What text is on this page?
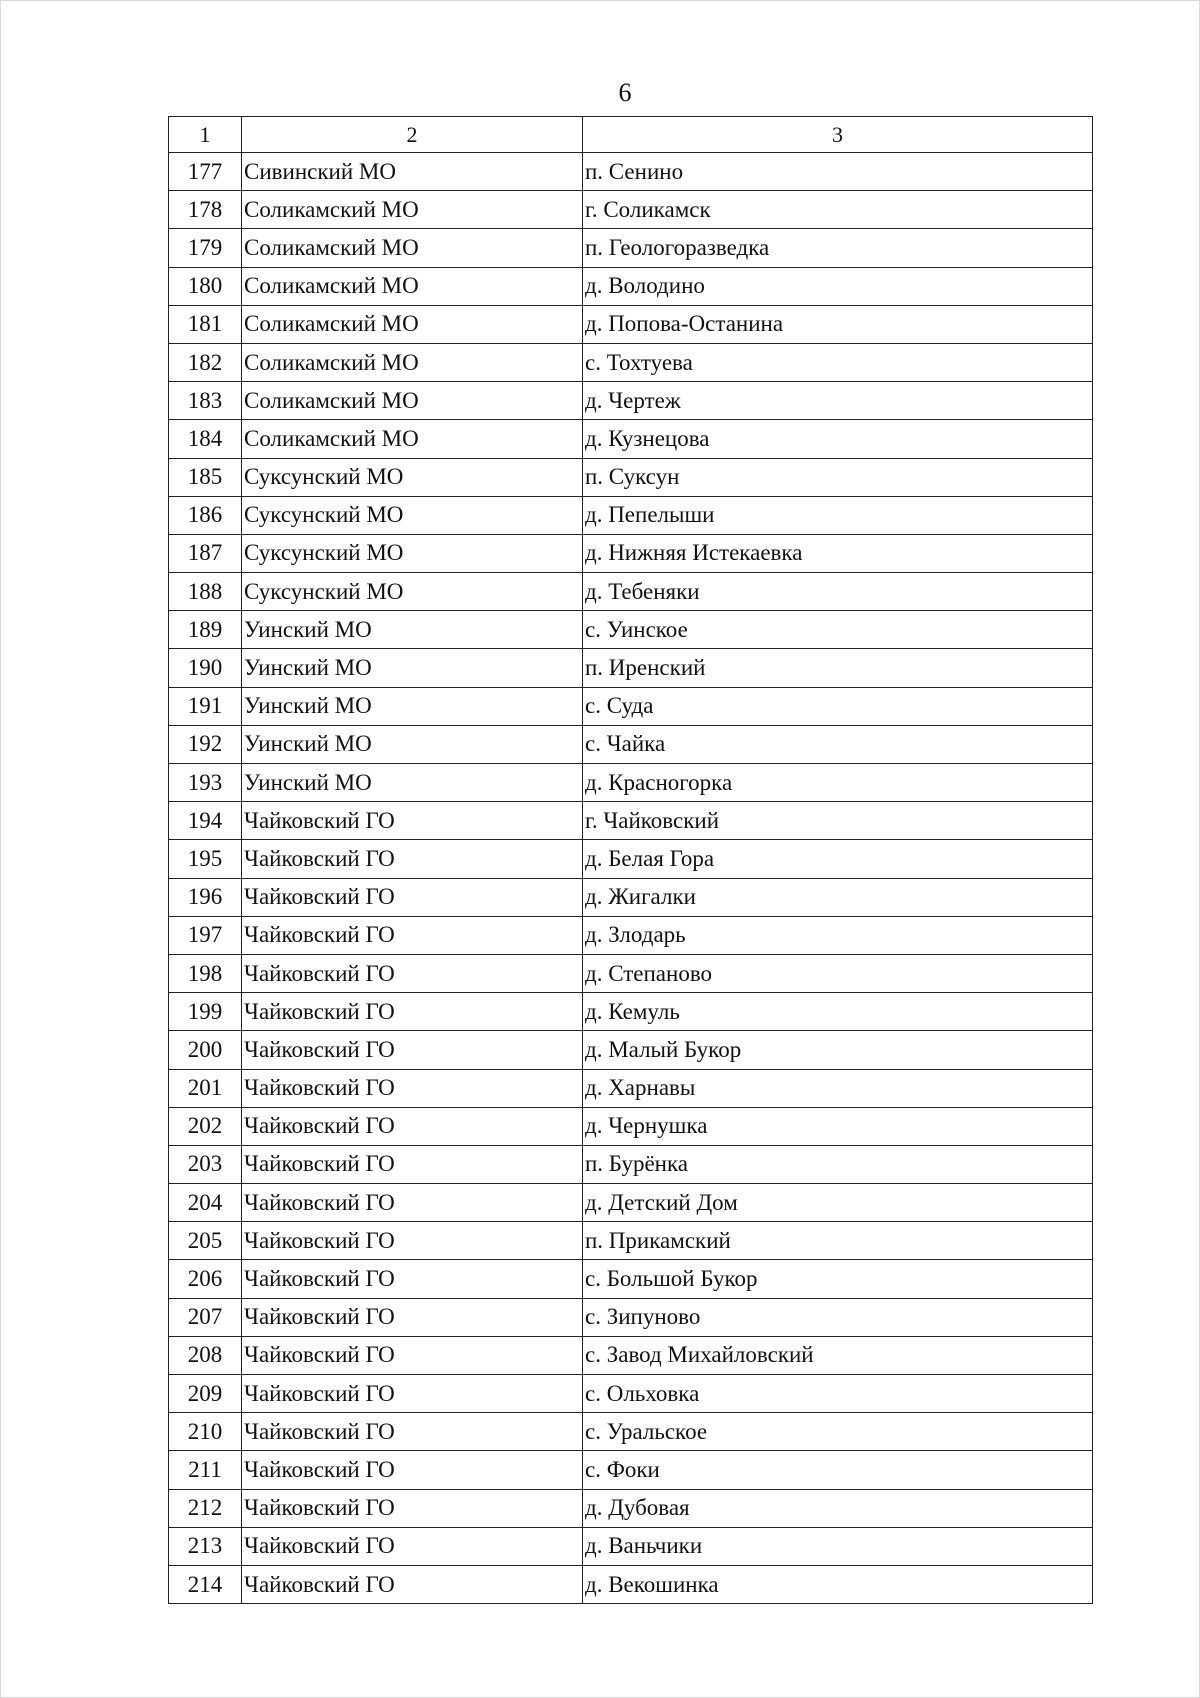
6
1	2	3
177	Сивинский МО	п. Сенино
178	Соликамский МО	г. Соликамск
179	Соликамский МО	п. Геологоразведка
180	Соликамский МО	д. Володино
181	Соликамский МО	д. Попова-Останина
182	Соликамский МО	с. Тохтуева
183	Соликамский МО	д. Чертеж
184	Соликамский МО	д. Кузнецова
185	Суксунский МО	п. Суксун
186	Суксунский МО	д. Пепелыши
187	Суксунский МО	д. Нижняя Истекаевка
188	Суксунский МО	д. Тебеняки
189	Уинский МО	с. Уинское
190	Уинский МО	п. Иренский
191	Уинский МО	с. Суда
192	Уинский МО	с. Чайка
193	Уинский МО	д. Красногорка
194	Чайковский ГО	г. Чайковский
195	Чайковский ГО	д. Белая Гора
196	Чайковский ГО	д. Жигалки
197	Чайковский ГО	д. Злодарь
198	Чайковский ГО	д. Степаново
199	Чайковский ГО	д. Кемуль
200	Чайковский ГО	д. Малый Букор
201	Чайковский ГО	д. Харнавы
202	Чайковский ГО	д. Чернушка
203	Чайковский ГО	п. Бурёнка
204	Чайковский ГО	д. Детский Дом
205	Чайковский ГО	п. Прикамский
206	Чайковский ГО	с. Большой Букор
207	Чайковский ГО	с. Зипуново
208	Чайковский ГО	с. Завод Михайловский
209	Чайковский ГО	с. Ольховка
210	Чайковский ГО	с. Уральское
211	Чайковский ГО	с. Фоки
212	Чайковский ГО	д. Дубовая
213	Чайковский ГО	д. Ваньчики
214	Чайковский ГО	д. Векошинка
